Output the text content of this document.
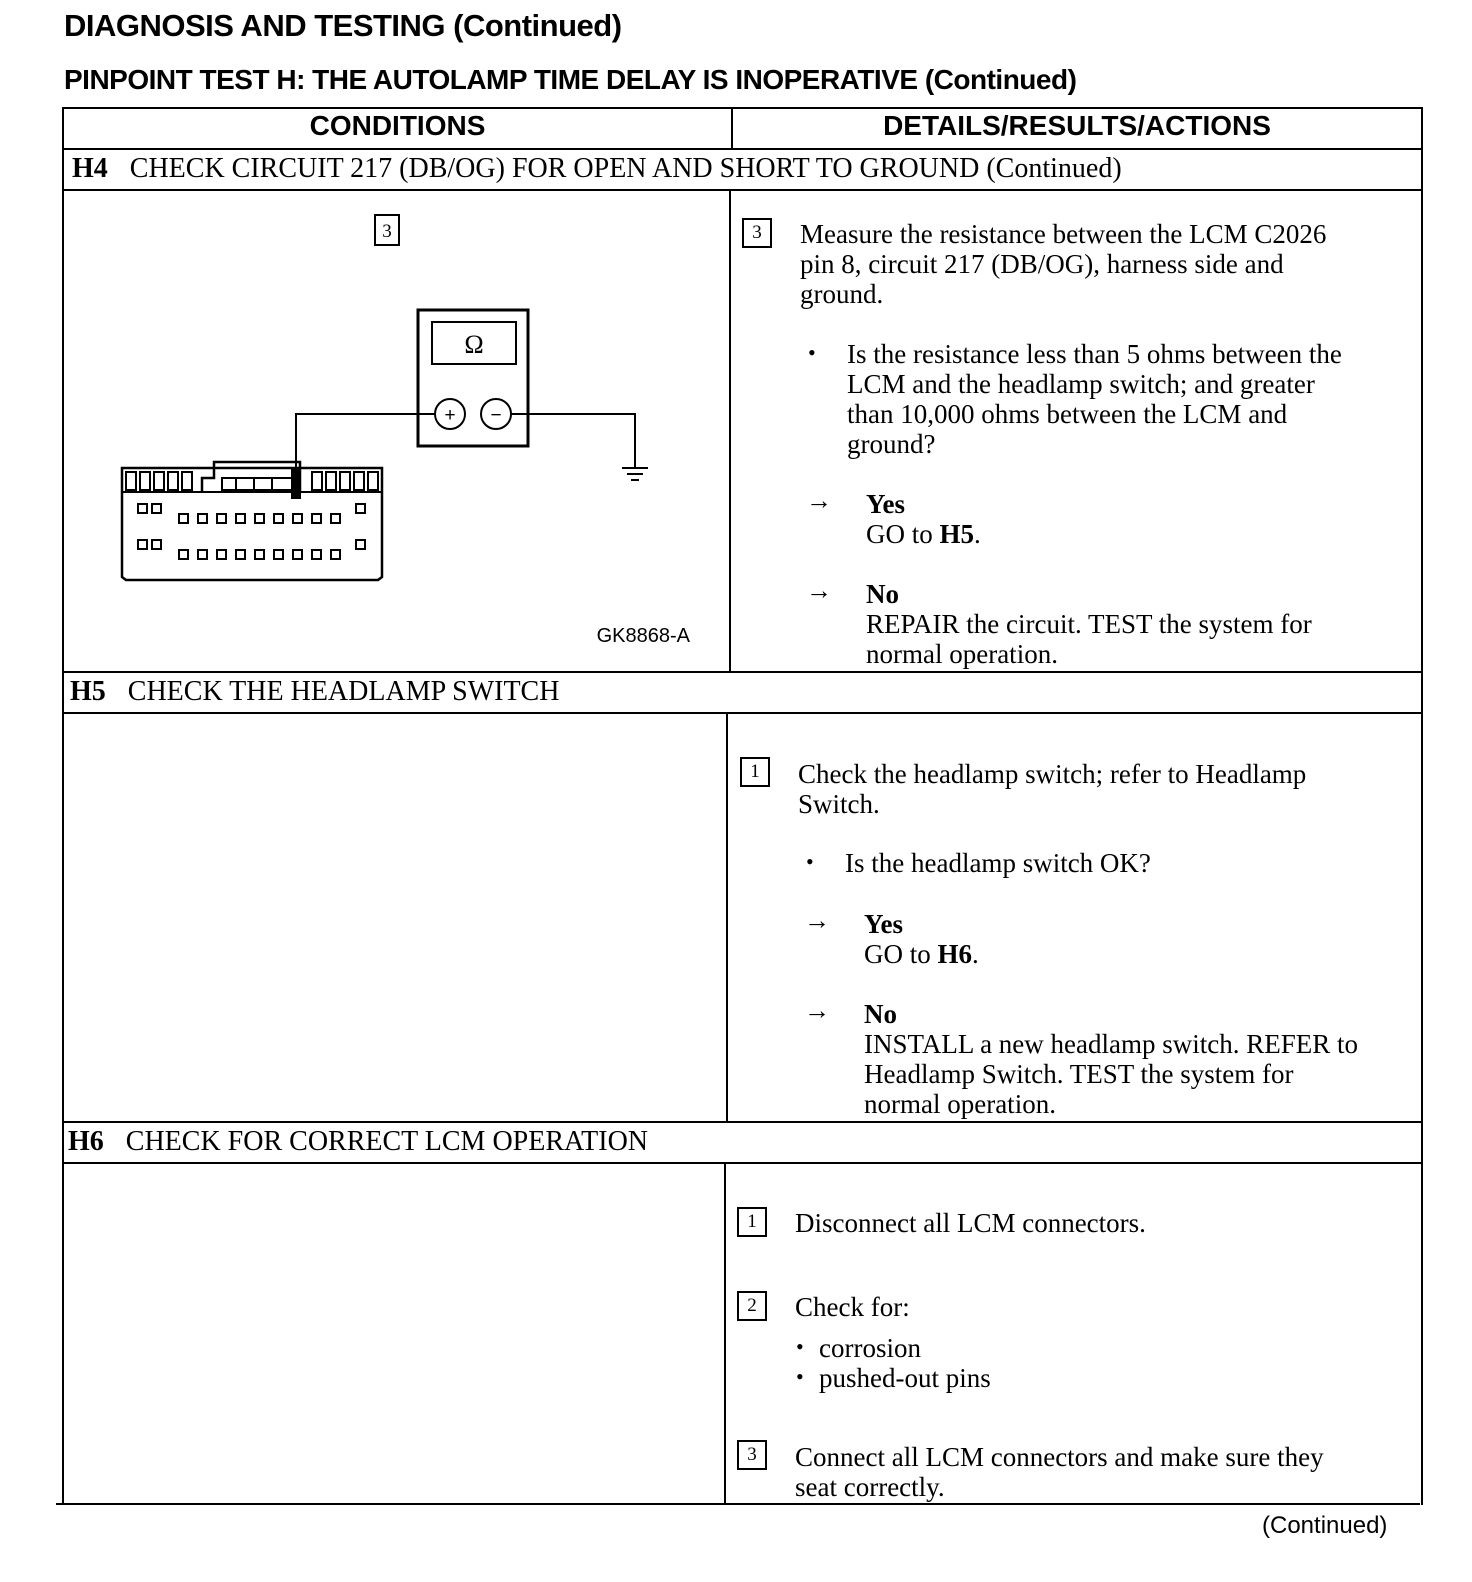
DIAGNOSIS AND TESTING (Continued)
PINPOINT TEST H: THE AUTOLAMP TIME DELAY IS INOPERATIVE (Continued)
CONDITIONS	DETAILS/RESULTS/ACTIONS
H4 CHECK CIRCUIT 217 (DB/OG) FOR OPEN AND SHORT TO GROUND (Continued)
3
Ω
+ −
GK8868-A
3	Measure the resistance between the LCM C2026
pin 8, circuit 217 (DB/OG), harness side and
ground.
• Is the resistance less than 5 ohms between the
LCM and the headlamp switch; and greater
than 10,000 ohms between the LCM and
ground?
→ Yes
GO to H5.
→ No
REPAIR the circuit. TEST the system for
normal operation.
H5 CHECK THE HEADLAMP SWITCH
1	Check the headlamp switch; refer to Headlamp
Switch.
• Is the headlamp switch OK?
→ Yes
GO to H6.
→ No
INSTALL a new headlamp switch. REFER to
Headlamp Switch. TEST the system for
normal operation.
H6 CHECK FOR CORRECT LCM OPERATION
1	Disconnect all LCM connectors.
2	Check for:
• corrosion
• pushed-out pins
3	Connect all LCM connectors and make sure they
seat correctly.
(Continued)
